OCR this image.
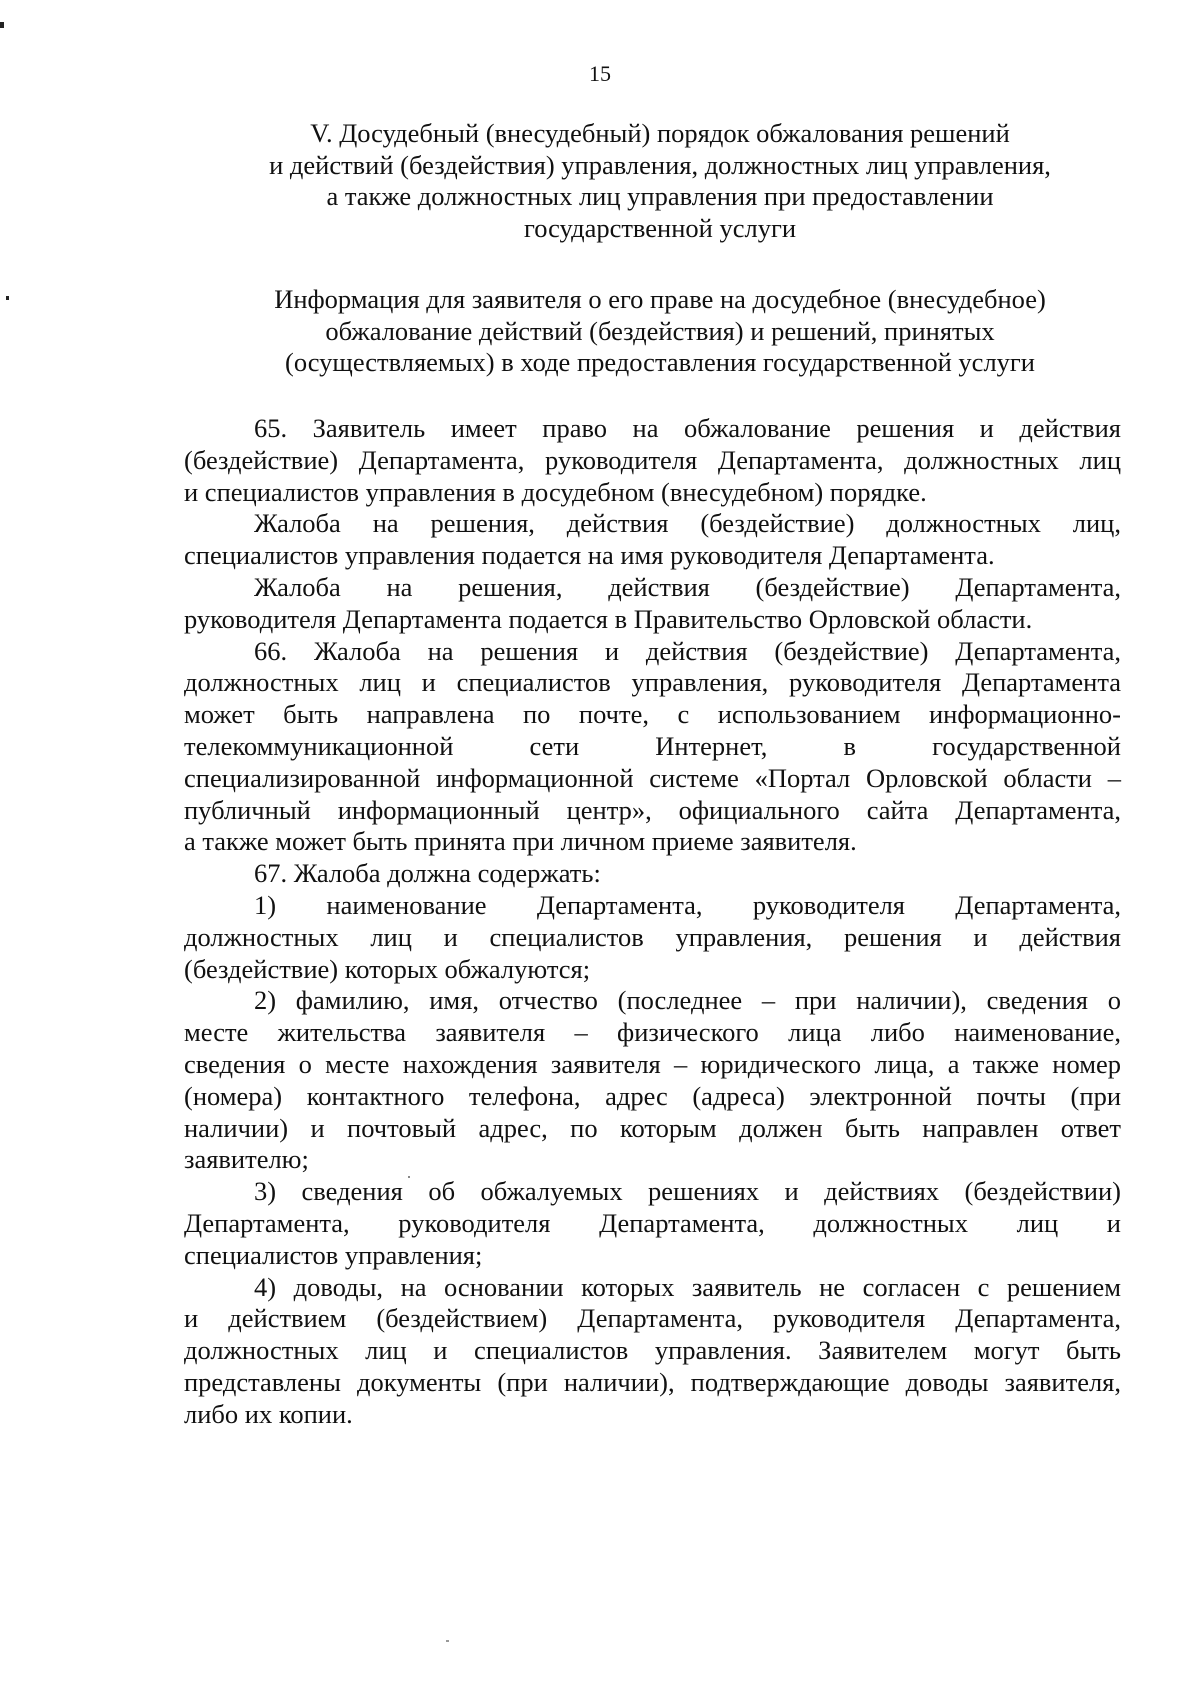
15
V. Досудебный (внесудебный) порядок обжалования решений
и действий (бездействия) управления, должностных лиц управления,
а также должностных лиц управления при предоставлении
государственной услуги
Информация для заявителя о его праве на досудебное (внесудебное)
обжалование действий (бездействия) и решений, принятых
(осуществляемых) в ходе предоставления государственной услуги
65. Заявитель имеет право на обжалование решения и действия
(бездействие) Департамента, руководителя Департамента, должностных лиц
и специалистов управления в досудебном (внесудебном) порядке.
Жалоба на решения, действия (бездействие) должностных лиц,
специалистов управления подается на имя руководителя Департамента.
Жалоба на решения, действия (бездействие) Департамента,
руководителя Департамента подается в Правительство Орловской области.
66. Жалоба на решения и действия (бездействие) Департамента,
должностных лиц и специалистов управления, руководителя Департамента
может быть направлена по почте, с использованием информационно-
телекоммуникационной сети Интернет, в государственной
специализированной информационной системе «Портал Орловской области –
публичный информационный центр», официального сайта Департамента,
а также может быть принята при личном приеме заявителя.
67. Жалоба должна содержать:
1) наименование Департамента, руководителя Департамента,
должностных лиц и специалистов управления, решения и действия
(бездействие) которых обжалуются;
2) фамилию, имя, отчество (последнее – при наличии), сведения о
месте жительства заявителя – физического лица либо наименование,
сведения о месте нахождения заявителя – юридического лица, а также номер
(номера) контактного телефона, адрес (адреса) электронной почты (при
наличии) и почтовый адрес, по которым должен быть направлен ответ
заявителю;
3) сведения об обжалуемых решениях и действиях (бездействии)
Департамента, руководителя Департамента, должностных лиц и
специалистов управления;
4) доводы, на основании которых заявитель не согласен с решением
и действием (бездействием) Департамента, руководителя Департамента,
должностных лиц и специалистов управления. Заявителем могут быть
представлены документы (при наличии), подтверждающие доводы заявителя,
либо их копии.
